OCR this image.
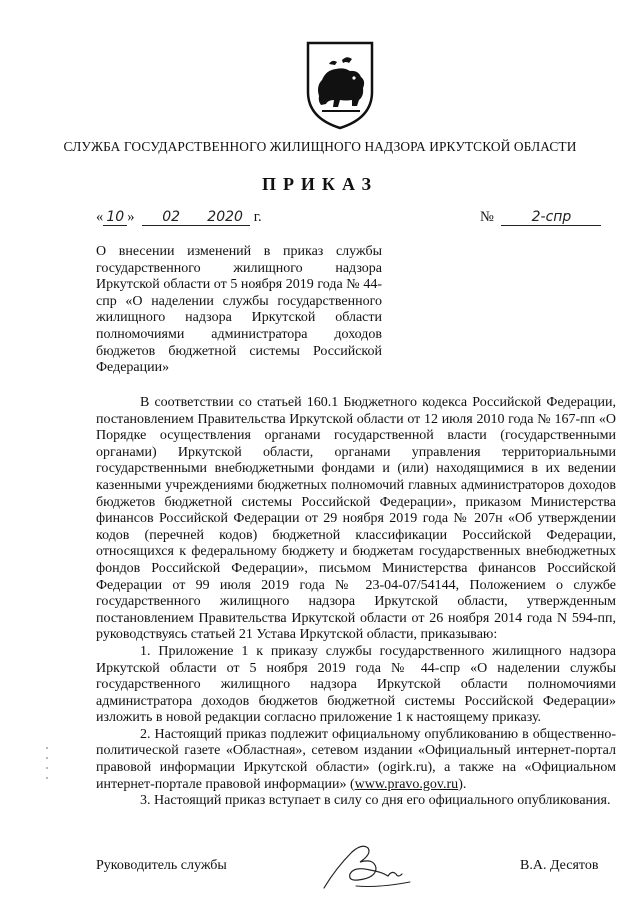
СЛУЖБА ГОСУДАРСТВЕННОГО ЖИЛИЩНОГО НАДЗОРА ИРКУТСКОЙ ОБЛАСТИ
ПРИКАЗ
« 10 » 02 2020 г.	№	2-спр
О внесении изменений в приказ службы государственного жилищного надзора Иркутской области от 5 ноября 2019 года № 44-спр «О наделении службы государственного жилищного надзора Иркутской области полномочиями администратора доходов бюджетов бюджетной системы Российской Федерации»

В соответствии со статьей 160.1 Бюджетного кодекса Российской Федерации, постановлением Правительства Иркутской области от 12 июля 2010 года № 167-пп «О Порядке осуществления органами государственной власти (государственными органами) Иркутской области, органами управления территориальными государственными внебюджетными фондами и (или) находящимися в их ведении казенными учреждениями бюджетных полномочий главных администраторов доходов бюджетов бюджетной системы Российской Федерации», приказом Министерства финансов Российской Федерации от 29 ноября 2019 года № 207н «Об утверждении кодов (перечней кодов) бюджетной классификации Российской Федерации, относящихся к федеральному бюджету и бюджетам государственных внебюджетных фондов Российской Федерации», письмом Министерства финансов Российской Федерации от 99 июля 2019 года № 23-04-07/54144, Положением о службе государственного жилищного надзора Иркутской области, утвержденным постановлением Правительства Иркутской области от 26 ноября 2014 года N 594-пп, руководствуясь статьей 21 Устава Иркутской области, приказываю:

1. Приложение 1 к приказу службы государственного жилищного надзора Иркутской области от 5 ноября 2019 года № 44-спр «О наделении службы государственного жилищного надзора Иркутской области полномочиями администратора доходов бюджетов бюджетной системы Российской Федерации» изложить в новой редакции согласно приложение 1 к настоящему приказу.

2. Настоящий приказ подлежит официальному опубликованию в общественно-политической газете «Областная», сетевом издании «Официальный интернет-портал правовой информации Иркутской области» (ogirk.ru), а также на «Официальном интернет-портале правовой информации» (www.pravo.gov.ru).

3. Настоящий приказ вступает в силу со дня его официального опубликования.

Руководитель службы	В.А. Десятов
